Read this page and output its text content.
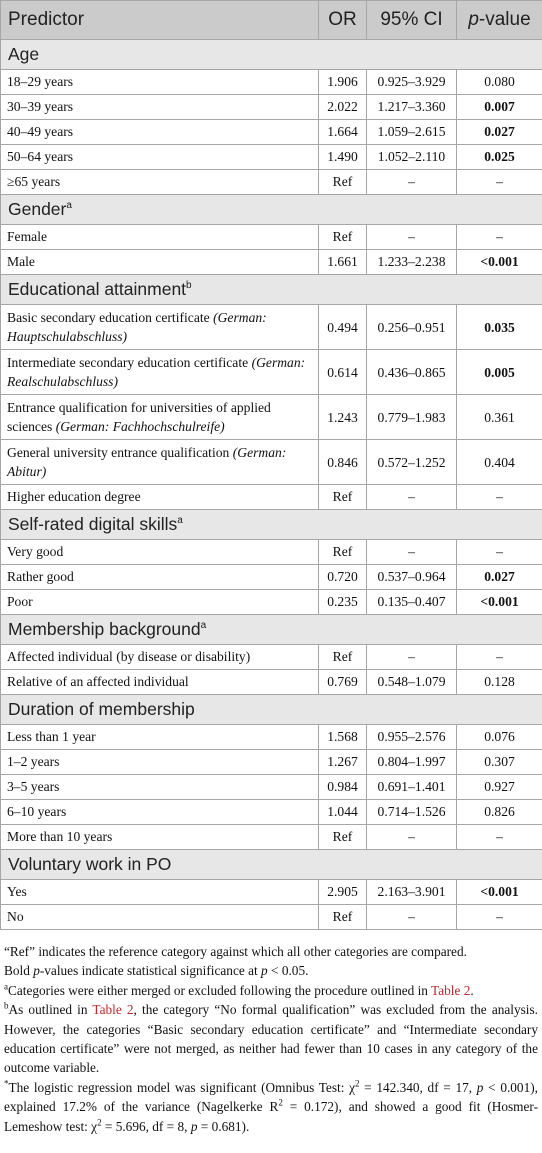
Predictor	OR	95% CI	p-value
Age			
18–29 years	1.906	0.925–3.929	0.080
30–39 years	2.022	1.217–3.360	0.007
40–49 years	1.664	1.059–2.615	0.027
50–64 years	1.490	1.052–2.110	0.025
≥65 years	Ref	–	–
Gender$^a$
Female	Ref	–	–
Male	1.661	1.233–2.238	<0.001
Educational attainment$^b$
Basic secondary education certificate (German: Hauptschulabschluss)	0.494	0.256–0.951	0.035
Intermediate secondary education certificate (German: Realschulabschluss)	0.614	0.436–0.865	0.005
Entrance qualification for universities of applied sciences (German: Fachhochschulreife)	1.243	0.779–1.983	0.361
General university entrance qualification (German: Abitur)	0.846	0.572–1.252	0.404
Higher education degree	Ref	–	–
Self-rated digital skills$^a$
Very good	Ref	–	–
Rather good	0.720	0.537–0.964	0.027
Poor	0.235	0.135–0.407	<0.001
Membership background$^a$
Affected individual (by disease or disability)	Ref	–	–
Relative of an affected individual	0.769	0.548–1.079	0.128
Duration of membership			
Less than 1 year	1.568	0.955–2.576	0.076
1–2 years	1.267	0.804–1.997	0.307
3–5 years	0.984	0.691–1.401	0.927
6–10 years	1.044	0.714–1.526	0.826
More than 10 years	Ref	–	–
Voluntary work in PO			
Yes	2.905	2.163–3.901	<0.001
No	Ref	–	–

“Ref” indicates the reference category against which all other categories are compared.

Bold p-values indicate statistical significance at p < 0.05.

$^a$Categories were either merged or excluded following the procedure outlined in Table 2.

$^b$As outlined in Table 2, the category “No formal qualification” was excluded from the analysis. However, the categories “Basic secondary education certificate” and “Intermediate secondary education certificate” were not merged, as neither had fewer than 10 cases in any category of the outcome variable.

*The logistic regression model was significant (Omnibus Test: $\chi^2 = 142.340$, df = 17, p < 0.001), explained 17.2% of the variance (Nagelkerke $R^2 = 0.172$), and showed a good fit (Hosmer-Lemeshow test: $\chi^2 = 5.696$, df = 8, p = 0.681).
